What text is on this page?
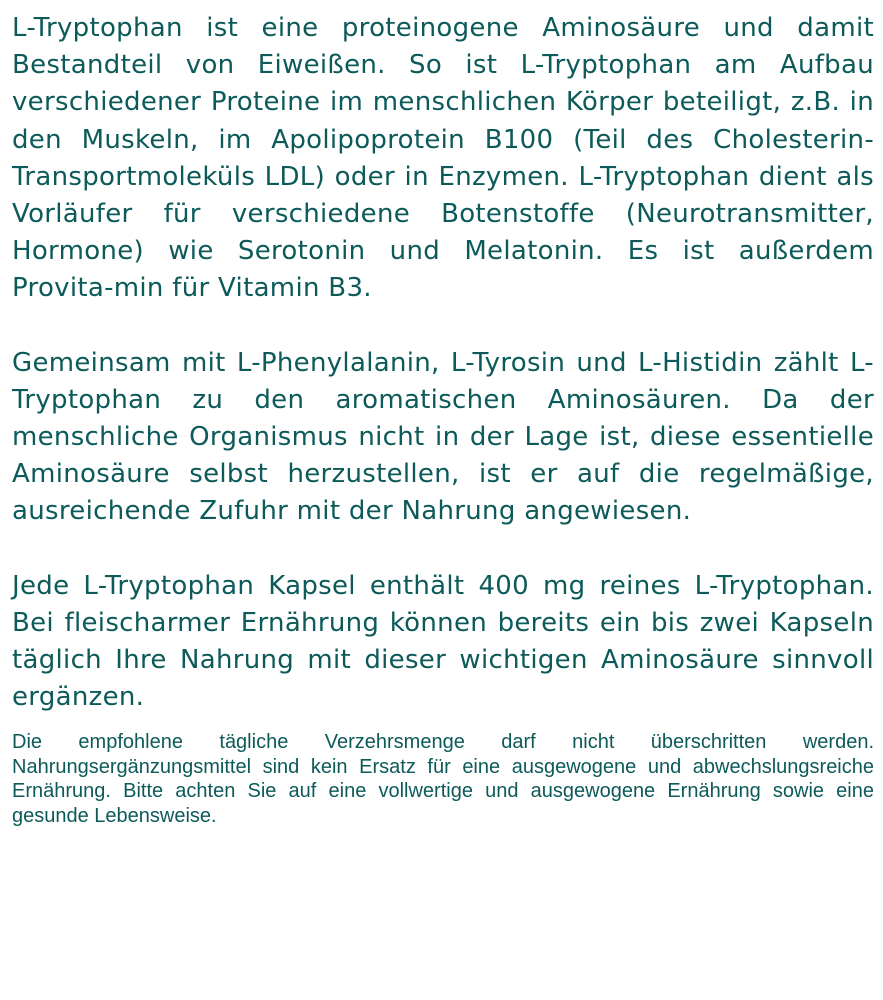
L-Tryptophan ist eine proteinogene Aminosäure und damit Bestandteil von Eiweißen. So ist L-Tryptophan am Aufbau verschiedener Proteine im menschlichen Körper beteiligt, z.B. in den Muskeln, im Apolipoprotein B100 (Teil des Cholesterin-Transportmoleküls LDL) oder in Enzymen. L-Tryptophan dient als Vorläufer für verschiedene Botenstoffe (Neurotransmitter, Hormone) wie Serotonin und Melatonin. Es ist außerdem Provita-min für Vitamin B3.

Gemeinsam mit L-Phenylalanin, L-Tyrosin und L-Histidin zählt L-Tryptophan zu den aromatischen Aminosäuren. Da der menschliche Organismus nicht in der Lage ist, diese essentielle Aminosäure selbst herzustellen, ist er auf die regelmäßige, ausreichende Zufuhr mit der Nahrung angewiesen.

Jede L-Tryptophan Kapsel enthält 400 mg reines L-Tryptophan. Bei fleischarmer Ernährung können bereits ein bis zwei Kapseln täglich Ihre Nahrung mit dieser wichtigen Aminosäure sinnvoll ergänzen.

Die empfohlene tägliche Verzehrsmenge darf nicht überschritten werden. Nahrungsergänzungsmittel sind kein Ersatz für eine ausgewogene und abwechslungsreiche Ernährung. Bitte achten Sie auf eine vollwertige und ausgewogene Ernährung sowie eine gesunde Lebensweise.
